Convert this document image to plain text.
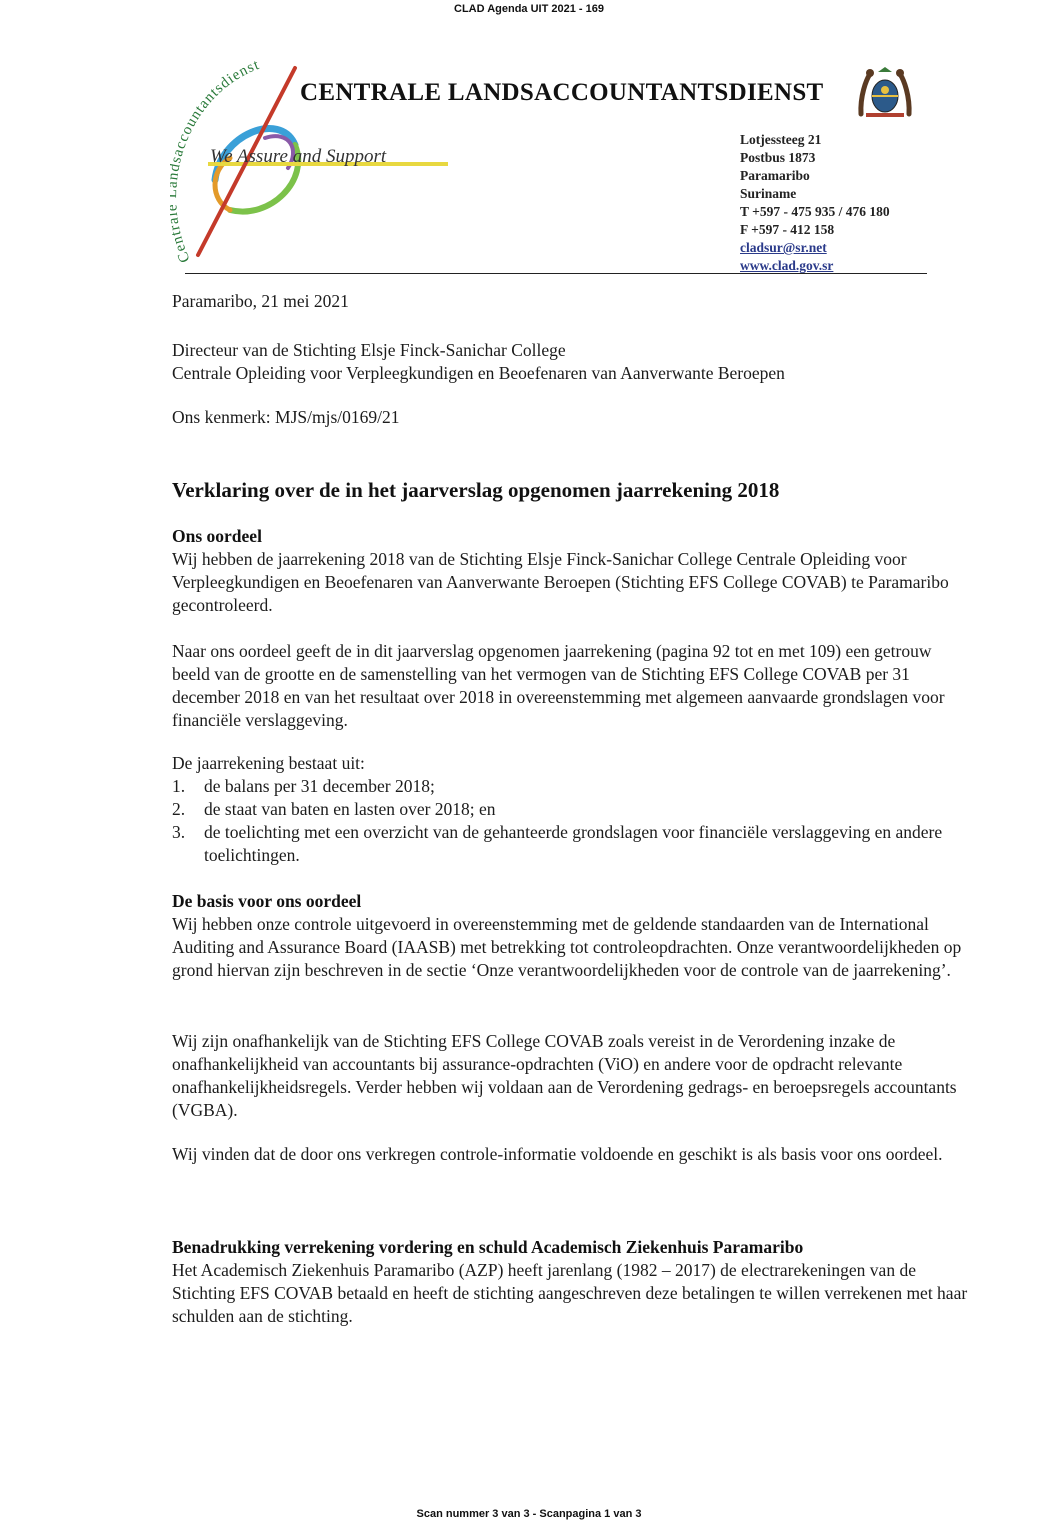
CLAD Agenda UIT 2021 - 169
Cen accountantsdienst
We Assure and Support
CENTRALE LANDSACCOUNTANTSDIENST
Lotjessteeg 21
Postbus 1873
Paramaribo
Suriname
T +597 - 475 935 / 476 180
F +597 - 412 158
cladsur@sr.net
www.clad.gov.sr
Paramaribo, 21 mei 2021
Directeur van de Stichting Elsje Finck-Sanichar College
Centrale Opleiding voor Verpleegkundigen en Beoefenaren van Aanverwante Beroepen
Ons kenmerk: MJS/mjs/0169/21
Verklaring over de in het jaarverslag opgenomen jaarrekening 2018
Ons oordeel

Wij hebben de jaarrekening 2018 van de Stichting Elsje Finck-Sanichar College Centrale Opleiding voor Verpleegkundigen en Beoefenaren van Aanverwante Beroepen (Stichting EFS College COVAB) te Paramaribo gecontroleerd.

Naar ons oordeel geeft de in dit jaarverslag opgenomen jaarrekening (pagina 92 tot en met 109) een getrouw beeld van de grootte en de samenstelling van het vermogen van de Stichting EFS College COVAB per 31 december 2018 en van het resultaat over 2018 in overeenstemming met algemeen aanvaarde grondslagen voor financiële verslaggeving.

De jaarrekening bestaat uit:
1. de balans per 31 december 2018;
2. de staat van baten en lasten over 2018; en
3. de toelichting met een overzicht van de gehanteerde grondslagen voor financiële verslaggeving en andere toelichtingen.
De basis voor ons oordeel

Wij hebben onze controle uitgevoerd in overeenstemming met de geldende standaarden van de International Auditing and Assurance Board (IAASB) met betrekking tot controleopdrachten. Onze verantwoordelijkheden op grond hiervan zijn beschreven in de sectie ‘Onze verantwoordelijkheden voor de controle van de jaarrekening’.

Wij zijn onafhankelijk van de Stichting EFS College COVAB zoals vereist in de Verordening inzake de onafhankelijkheid van accountants bij assurance-opdrachten (ViO) en andere voor de opdracht relevante onafhankelijkheidsregels. Verder hebben wij voldaan aan de Verordening gedrags- en beroepsregels accountants (VGBA).

Wij vinden dat de door ons verkregen controle-informatie voldoende en geschikt is als basis voor ons oordeel.

Benadrukking verrekening vordering en schuld Academisch Ziekenhuis Paramaribo

Het Academisch Ziekenhuis Paramaribo (AZP) heeft jarenlang (1982 – 2017) de electrarekeningen van de Stichting EFS COVAB betaald en heeft de stichting aangeschreven deze betalingen te willen verrekenen met haar schulden aan de stichting.

Scan nummer 3 van 3 - Scanpagina 1 van 3
